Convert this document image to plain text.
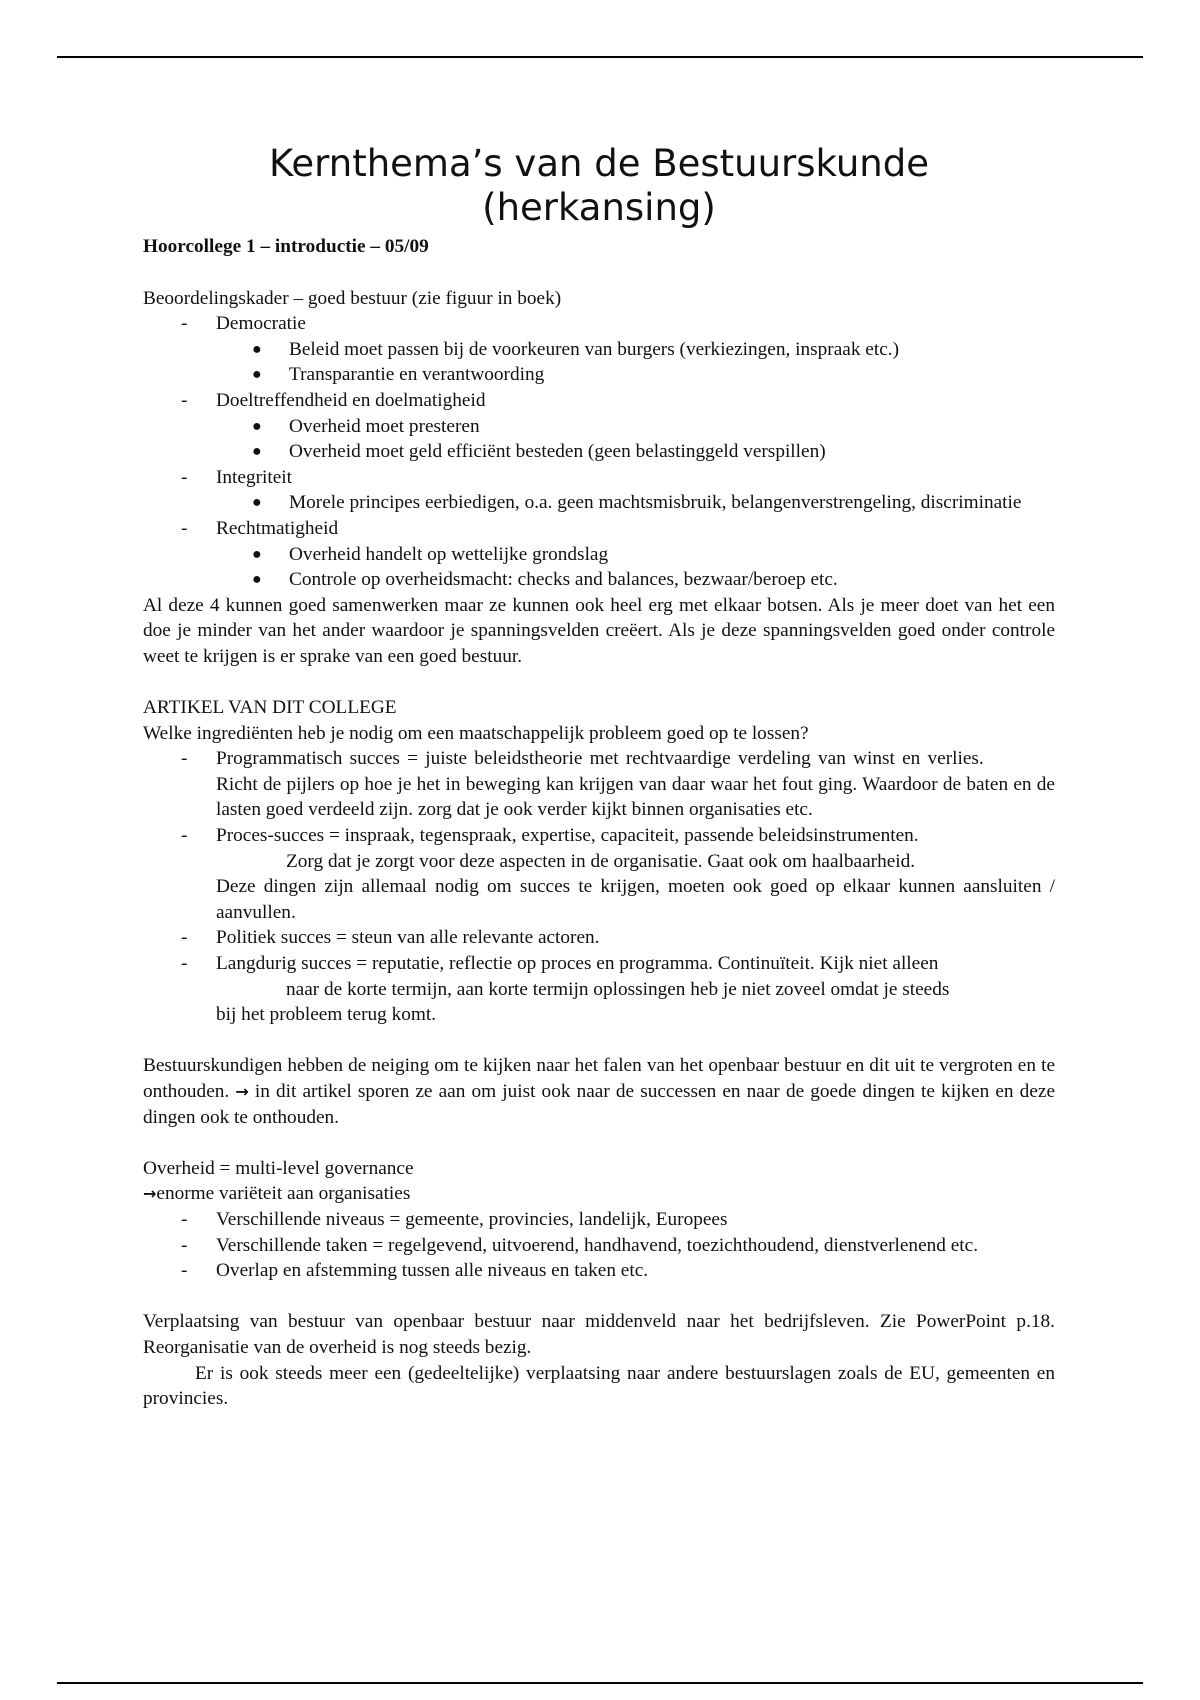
Kernthema’s van de Bestuurskunde
(herkansing)

Hoorcollege 1 – introductie – 05/09

Beoordelingskader – goed bestuur (zie figuur in boek)

- Democratie
● Beleid moet passen bij de voorkeuren van burgers (verkiezingen, inspraak etc.)
● Transparantie en verantwoording
- Doeltreffendheid en doelmatigheid
● Overheid moet presteren
● Overheid moet geld efficiënt besteden (geen belastinggeld verspillen)
- Integriteit
● Morele principes eerbiedigen, o.a. geen machtsmisbruik, belangenverstrengeling, discriminatie
- Rechtmatigheid
● Overheid handelt op wettelijke grondslag
● Controle op overheidsmacht: checks and balances, bezwaar/beroep etc.

Al deze 4 kunnen goed samenwerken maar ze kunnen ook heel erg met elkaar botsen. Als je meer doet van het een doe je minder van het ander waardoor je spanningsvelden creëert. Als je deze spanningsvelden goed onder controle weet te krijgen is er sprake van een goed bestuur.

ARTIKEL VAN DIT COLLEGE

Welke ingrediënten heb je nodig om een maatschappelijk probleem goed op te lossen?

- Programmatisch succes = juiste beleidstheorie met rechtvaardige verdeling van winst en verlies. Richt de pijlers op hoe je het in beweging kan krijgen van daar waar het fout ging. Waardoor de baten en de lasten goed verdeeld zijn. zorg dat je ook verder kijkt binnen organisaties etc.
- Proces-succes = inspraak, tegenspraak, expertise, capaciteit, passende beleidsinstrumenten.
Zorg dat je zorgt voor deze aspecten in de organisatie. Gaat ook om haalbaarheid.
Deze dingen zijn allemaal nodig om succes te krijgen, moeten ook goed op elkaar kunnen aansluiten / aanvullen.
- Politiek succes = steun van alle relevante actoren.
- Langdurig succes = reputatie, reflectie op proces en programma. Continuïteit. Kijk niet alleen
naar de korte termijn, aan korte termijn oplossingen heb je niet zoveel omdat je steeds
bij het probleem terug komt.

Bestuurskundigen hebben de neiging om te kijken naar het falen van het openbaar bestuur en dit uit te vergroten en te onthouden. → in dit artikel sporen ze aan om juist ook naar de successen en naar de goede dingen te kijken en deze dingen ook te onthouden.

Overheid = multi-level governance

→enorme variëteit aan organisaties

- Verschillende niveaus = gemeente, provincies, landelijk, Europees
- Verschillende taken = regelgevend, uitvoerend, handhavend, toezichthoudend, dienstverlenend etc.
- Overlap en afstemming tussen alle niveaus en taken etc.

Verplaatsing van bestuur van openbaar bestuur naar middenveld naar het bedrijfsleven. Zie PowerPoint p.18. Reorganisatie van de overheid is nog steeds bezig.

Er is ook steeds meer een (gedeeltelijke) verplaatsing naar andere bestuurslagen zoals de EU, gemeenten en provincies.
